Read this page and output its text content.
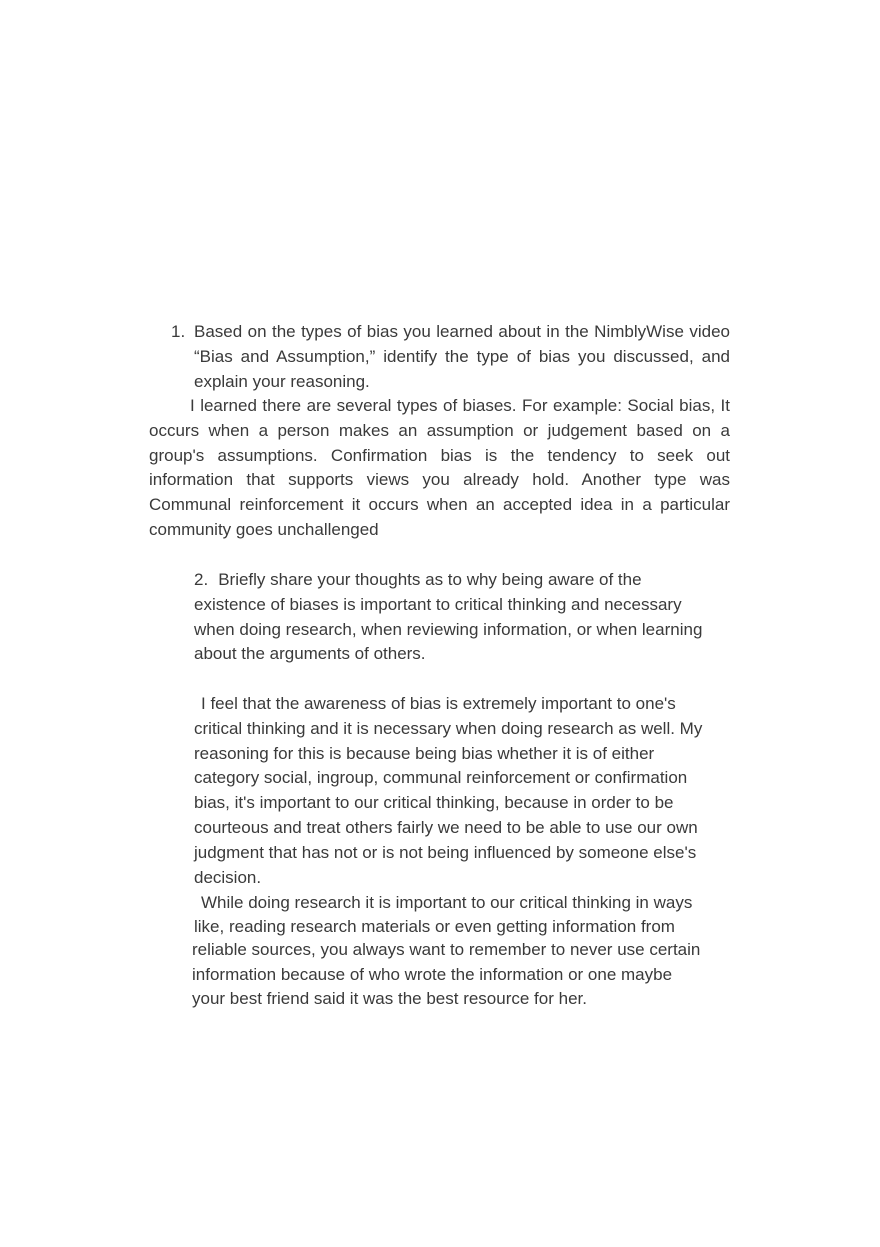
1. Based on the types of bias you learned about in the NimblyWise video “Bias and Assumption,” identify the type of bias you discussed, and explain your reasoning.
I learned there are several types of biases. For example: Social bias, It occurs when a person makes an assumption or judgement based on a group's assumptions. Confirmation bias is the tendency to seek out information that supports views you already hold. Another type was Communal reinforcement it occurs when an accepted idea in a particular community goes unchallenged
2. Briefly share your thoughts as to why being aware of the
existence of biases is important to critical thinking and necessary
when doing research, when reviewing information, or when learning
about the arguments of others.
I feel that the awareness of bias is extremely important to one's
critical thinking and it is necessary when doing research as well. My
reasoning for this is because being bias whether it is of either
category social, ingroup, communal reinforcement or confirmation
bias, it's important to our critical thinking, because in order to be
courteous and treat others fairly we need to be able to use our own
judgment that has not or is not being influenced by someone else's
decision.
While doing research it is important to our critical thinking in ways
like, reading research materials or even getting information from
reliable sources, you always want to remember to never use certain
information because of who wrote the information or one maybe
your best friend said it was the best resource for her.
